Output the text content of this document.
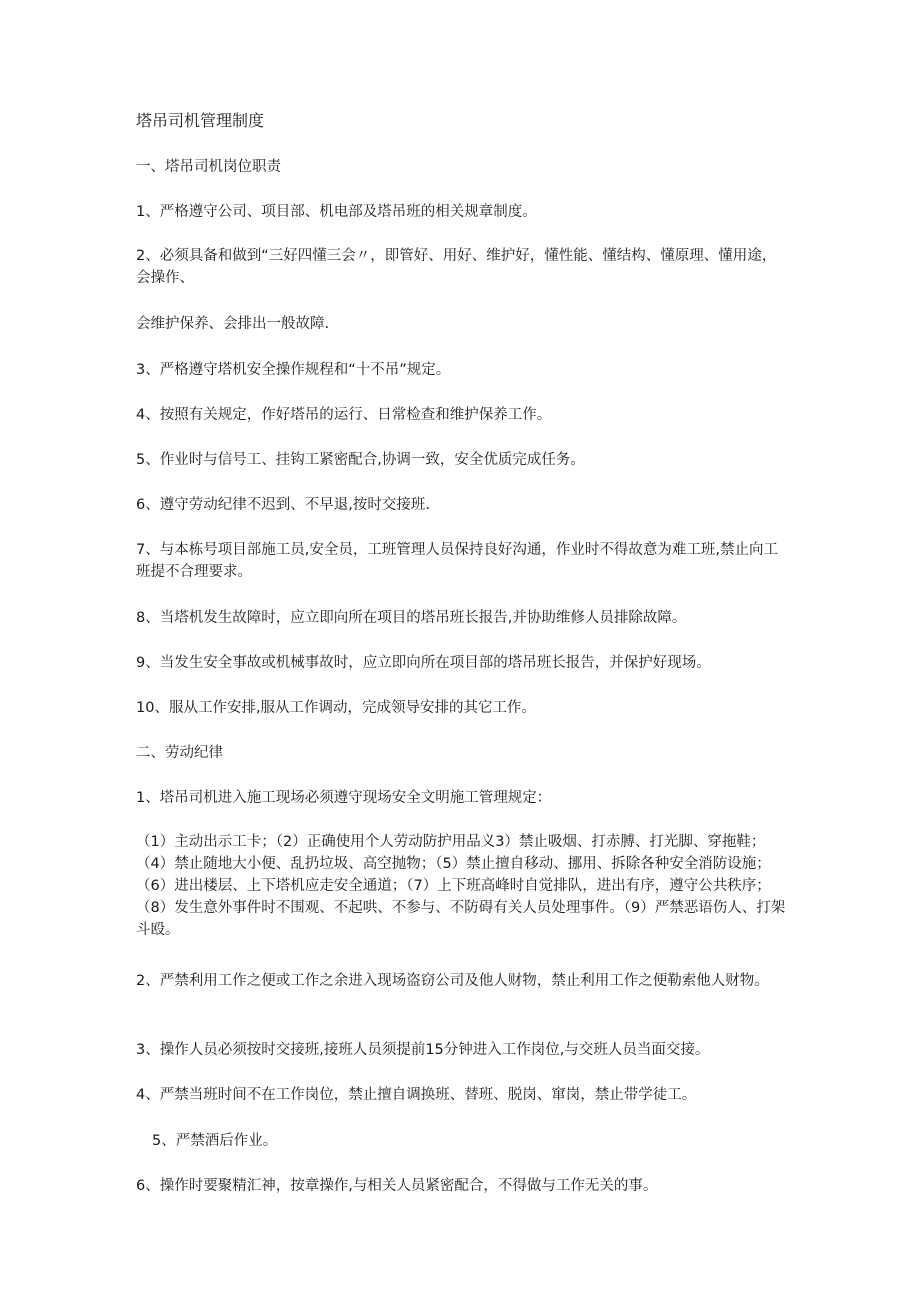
塔吊司机管理制度

一、塔吊司机岗位职责

1、严格遵守公司、项目部、机电部及塔吊班的相关规章制度。

2、必须具备和做到“三好四懂三会〃，即管好、用好、维护好，懂性能、懂结构、懂原理、懂用途，会操作、

会维护保养、会排出一般故障.

3、严格遵守塔机安全操作规程和“十不吊”规定。

4、按照有关规定，作好塔吊的运行、日常检查和维护保养工作。

5、作业时与信号工、挂钩工紧密配合,协调一致，安全优质完成任务。

6、遵守劳动纪律不迟到、不早退,按时交接班.

7、与本栋号项目部施工员,安全员，工班管理人员保持良好沟通，作业时不得故意为难工班,禁止向工班提不合理要求。

8、当塔机发生故障时，应立即向所在项目的塔吊班长报告,并协助维修人员排除故障。

9、当发生安全事故或机械事故时，应立即向所在项目部的塔吊班长报告，并保护好现场。

10、服从工作安排,服从工作调动，完成领导安排的其它工作。

二、劳动纪律

1、塔吊司机进入施工现场必须遵守现场安全文明施工管理规定：

（1）主动出示工卡；（2）正确使用个人劳动防护用品义3）禁止吸烟、打赤膊、打光脚、穿拖鞋；（4）禁止随地大小便、乱扔垃圾、高空抛物；（5）禁止擅自移动、挪用、拆除各种安全消防设施；（6）进出楼层、上下塔机应走安全通道；（7）上下班高峰时自觉排队，进出有序，遵守公共秩序；（8）发生意外事件时不围观、不起哄、不参与、不防碍有关人员处理事件。（9）严禁恶语伤人、打架斗殴。

2、严禁利用工作之便或工作之余进入现场盗窃公司及他人财物，禁止利用工作之便勒索他人财物。

3、操作人员必须按时交接班,接班人员须提前15分钟进入工作岗位,与交班人员当面交接。

4、严禁当班时间不在工作岗位，禁止擅自调换班、替班、脱岗、窜岗，禁止带学徒工。

5、严禁酒后作业。

6、操作时要聚精汇神，按章操作,与相关人员紧密配合，不得做与工作无关的事。
